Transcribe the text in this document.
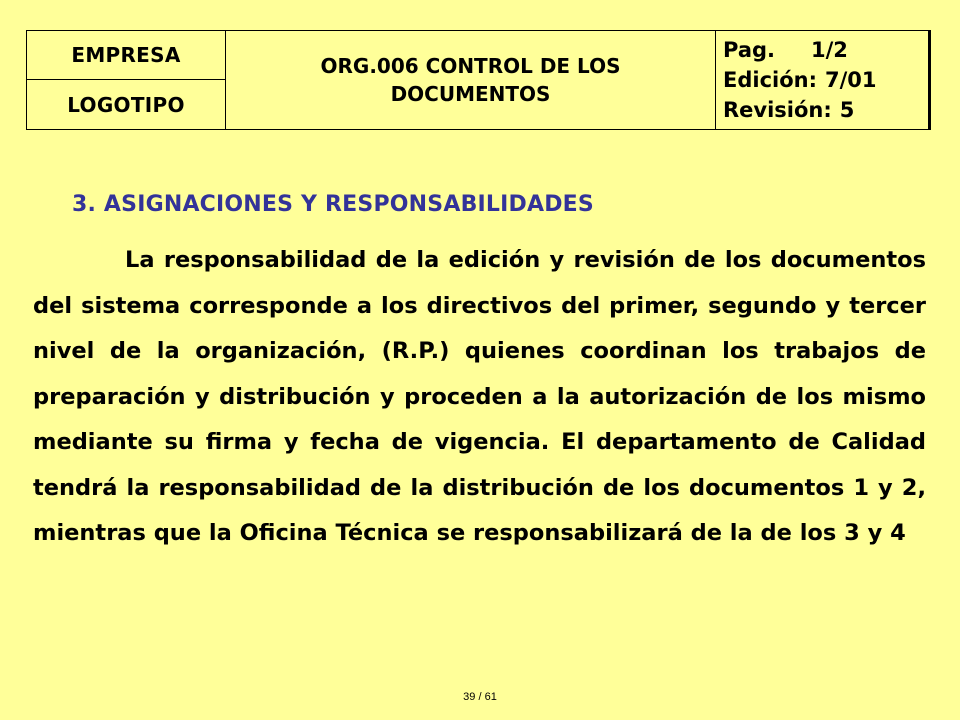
EMPRESA
LOGOTIPO
ORG.006 CONTROL DE LOS
DOCUMENTOS
Pag. 1/2
Edición: 7/01
Revisión: 5
3. ASIGNACIONES Y RESPONSABILIDADES

La responsabilidad de la edición y revisión de los documentos del sistema corresponde a los directivos del primer, segundo y tercer nivel de la organización, (R.P.) quienes coordinan los trabajos de preparación y distribución y proceden a la autorización de los mismo mediante su firma y fecha de vigencia. El departamento de Calidad tendrá la responsabilidad de la distribución de los documentos 1 y 2, mientras que la Oficina Técnica se responsabilizará de la de los 3 y 4

39 / 61
